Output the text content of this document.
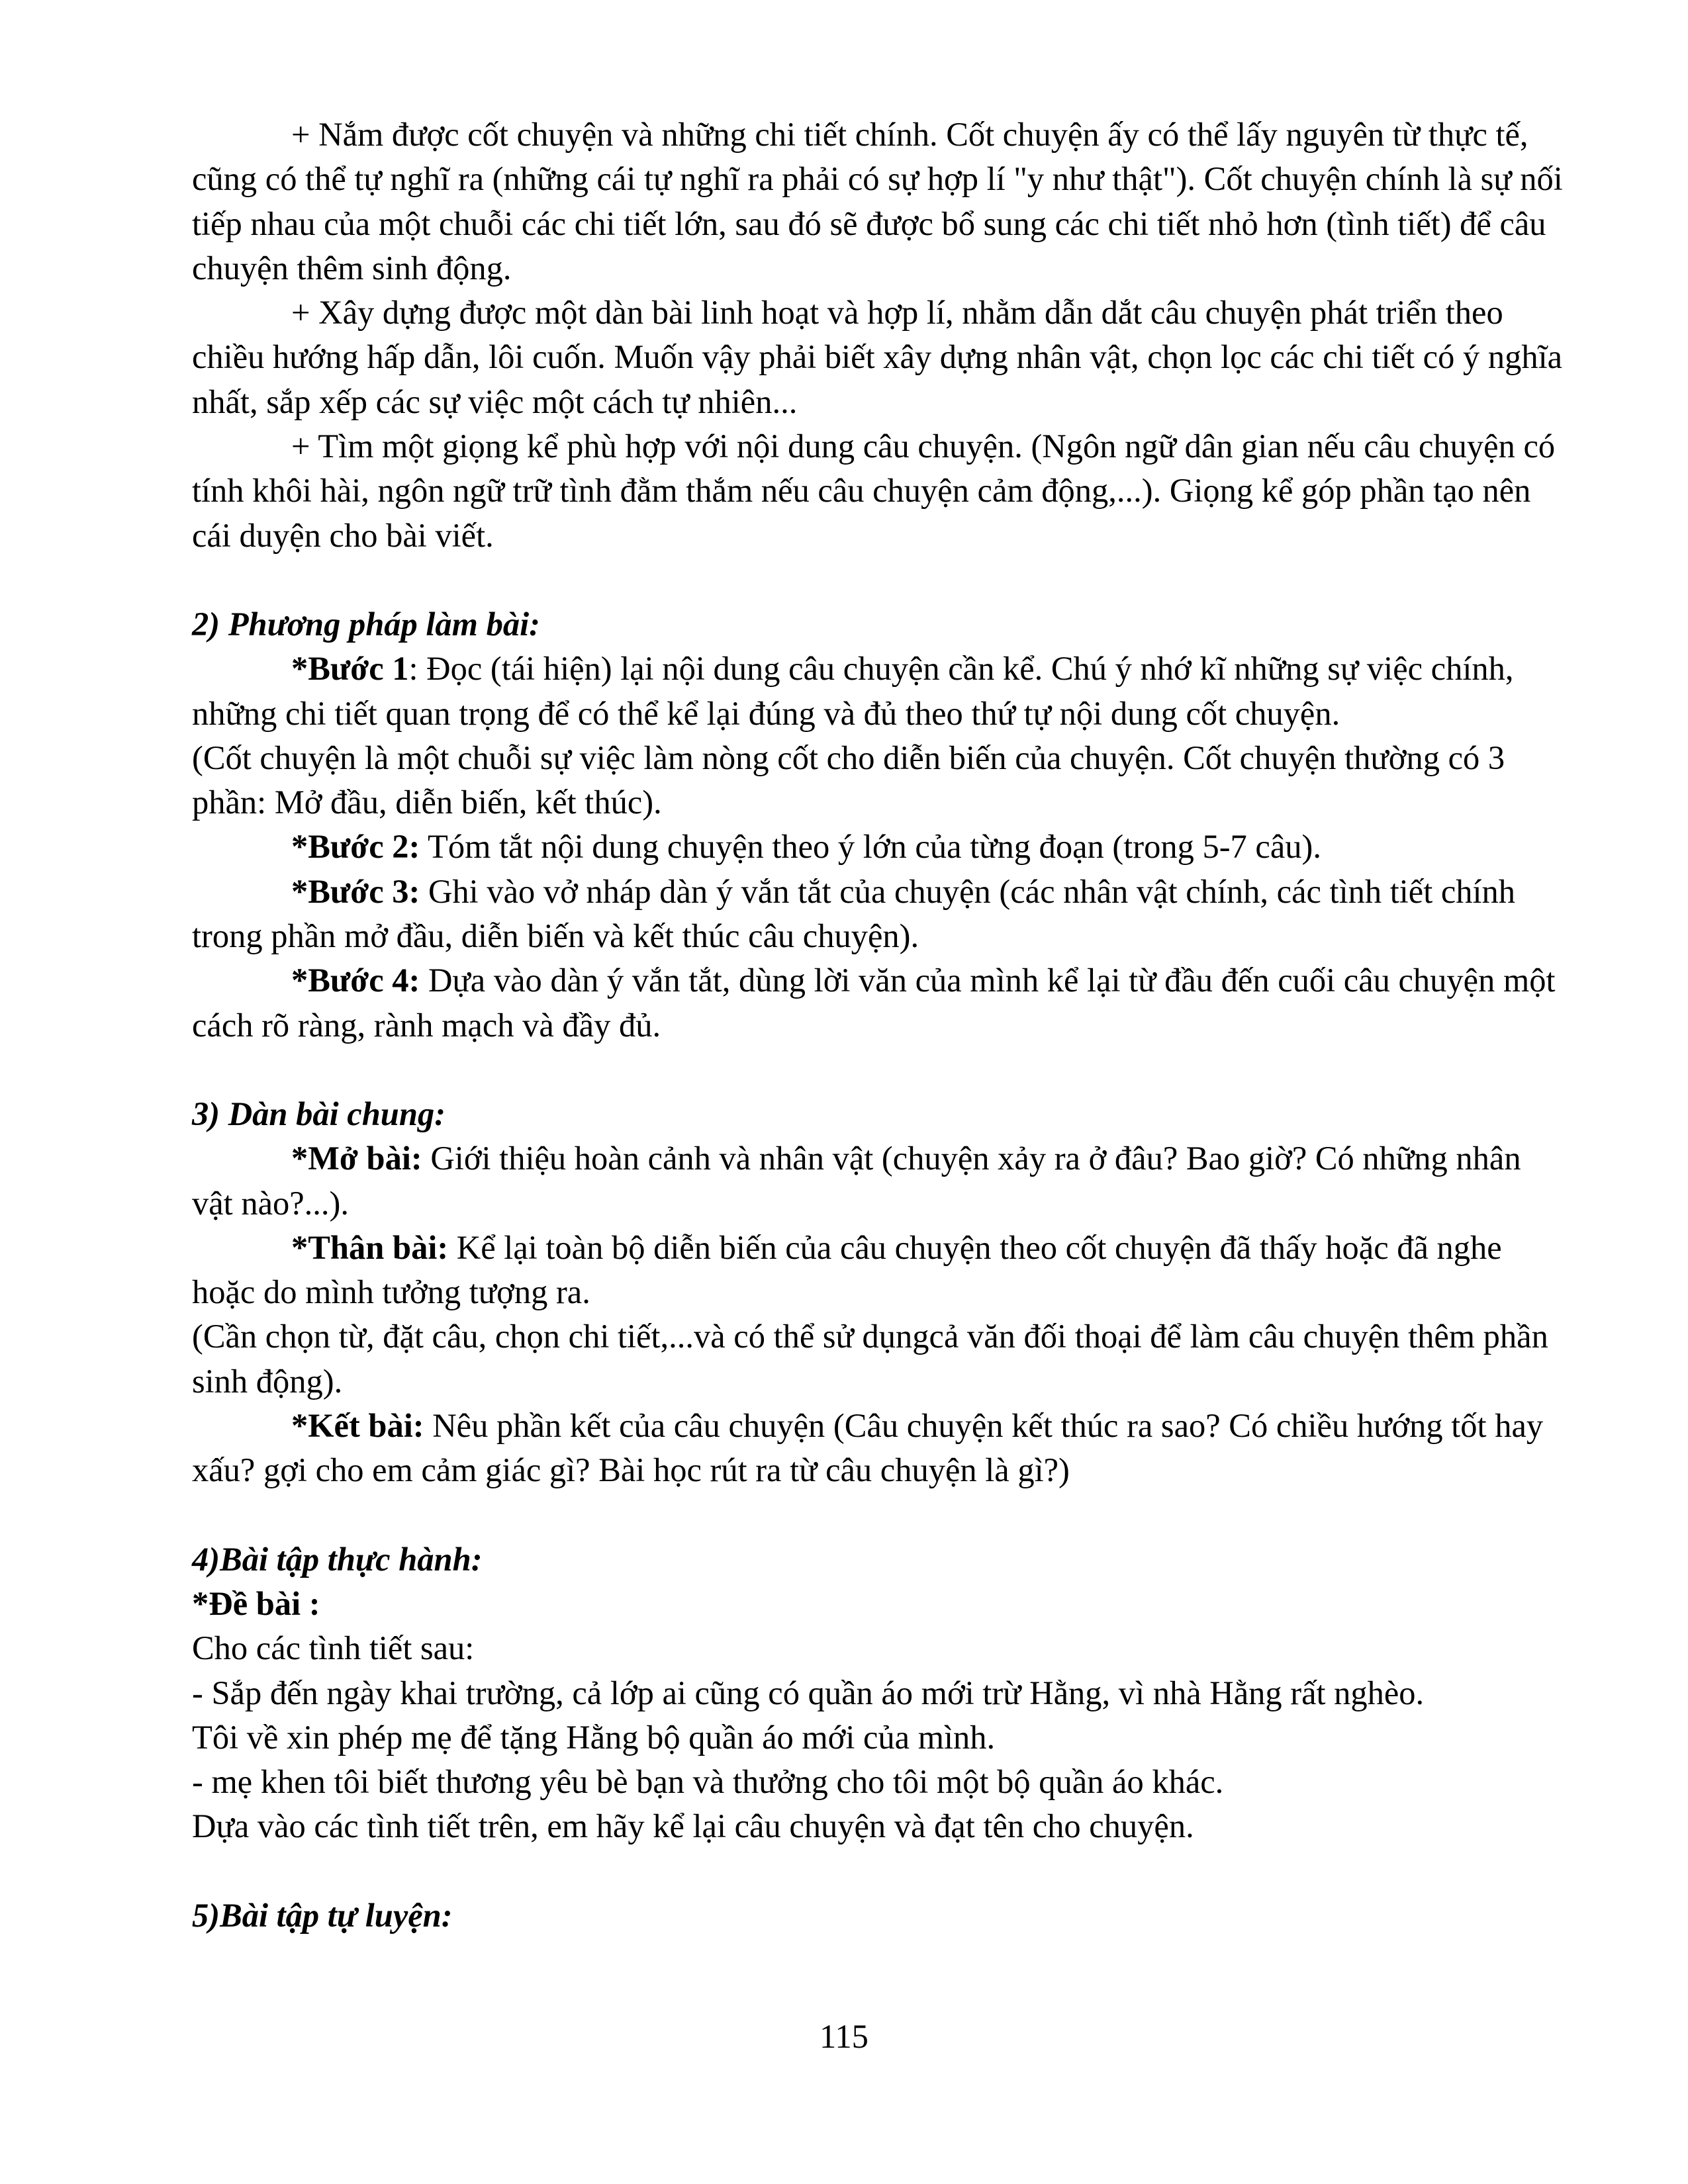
+ Nắm được cốt chuyện và những chi tiết chính. Cốt chuyện ấy có thể lấy nguyên từ thực tế, cũng có thể tự nghĩ ra (những cái tự nghĩ ra phải có sự hợp lí "y như thật"). Cốt chuyện chính là sự nối tiếp nhau của một chuỗi các chi tiết lớn, sau đó sẽ được bổ sung các chi tiết nhỏ hơn (tình tiết) để câu chuyện thêm sinh động.

+ Xây dựng được một dàn bài linh hoạt và hợp lí, nhằm dẫn dắt câu chuyện phát triển theo chiều hướng hấp dẫn, lôi cuốn. Muốn vậy phải biết xây dựng nhân vật, chọn lọc các chi tiết có ý nghĩa nhất, sắp xếp các sự việc một cách tự nhiên...

+ Tìm một giọng kể phù hợp với nội dung câu chuyện. (Ngôn ngữ dân gian nếu câu chuyện có tính khôi hài, ngôn ngữ trữ tình đằm thắm nếu câu chuyện cảm động,...). Giọng kể góp phần tạo nên cái duyện cho bài viết.

2) Phương pháp làm bài:

*Bước 1: Đọc (tái hiện) lại nội dung câu chuyện cần kể. Chú ý nhớ kĩ những sự việc chính, những chi tiết quan trọng để có thể kể lại đúng và đủ theo thứ tự nội dung cốt chuyện.

(Cốt chuyện là một chuỗi sự việc làm nòng cốt cho diễn biến của chuyện. Cốt chuyện thường có 3 phần: Mở đầu, diễn biến, kết thúc).

*Bước 2: Tóm tắt nội dung chuyện theo ý lớn của từng đoạn (trong 5-7 câu).

*Bước 3: Ghi vào vở nháp dàn ý vắn tắt của chuyện (các nhân vật chính, các tình tiết chính trong phần mở đầu, diễn biến và kết thúc câu chuyện).

*Bước 4: Dựa vào dàn ý vắn tắt, dùng lời văn của mình kể lại từ đầu đến cuối câu chuyện một cách rõ ràng, rành mạch và đầy đủ.

3) Dàn bài chung:

*Mở bài: Giới thiệu hoàn cảnh và nhân vật (chuyện xảy ra ở đâu? Bao giờ? Có những nhân vật nào?...).

*Thân bài: Kể lại toàn bộ diễn biến của câu chuyện theo cốt chuyện đã thấy hoặc đã nghe hoặc do mình tưởng tượng ra.

(Cần chọn từ, đặt câu, chọn chi tiết,...và có thể sử dụngcả văn đối thoại để làm câu chuyện thêm phần sinh động).

*Kết bài: Nêu phần kết của câu chuyện (Câu chuyện kết thúc ra sao? Có chiều hướng tốt hay xấu? gợi cho em cảm giác gì? Bài học rút ra từ câu chuyện là gì?)

4)Bài tập thực hành:

*Đề bài :

Cho các tình tiết sau:

- Sắp đến ngày khai trường, cả lớp ai cũng có quần áo mới trừ Hằng, vì nhà Hằng rất nghèo.

Tôi về xin phép mẹ để tặng Hằng bộ quần áo mới của mình.

- mẹ khen tôi biết thương yêu bè bạn và thưởng cho tôi một bộ quần áo khác.

Dựa vào các tình tiết trên, em hãy kể lại câu chuyện và đạt tên cho chuyện.

5)Bài tập tự luyện:

115
